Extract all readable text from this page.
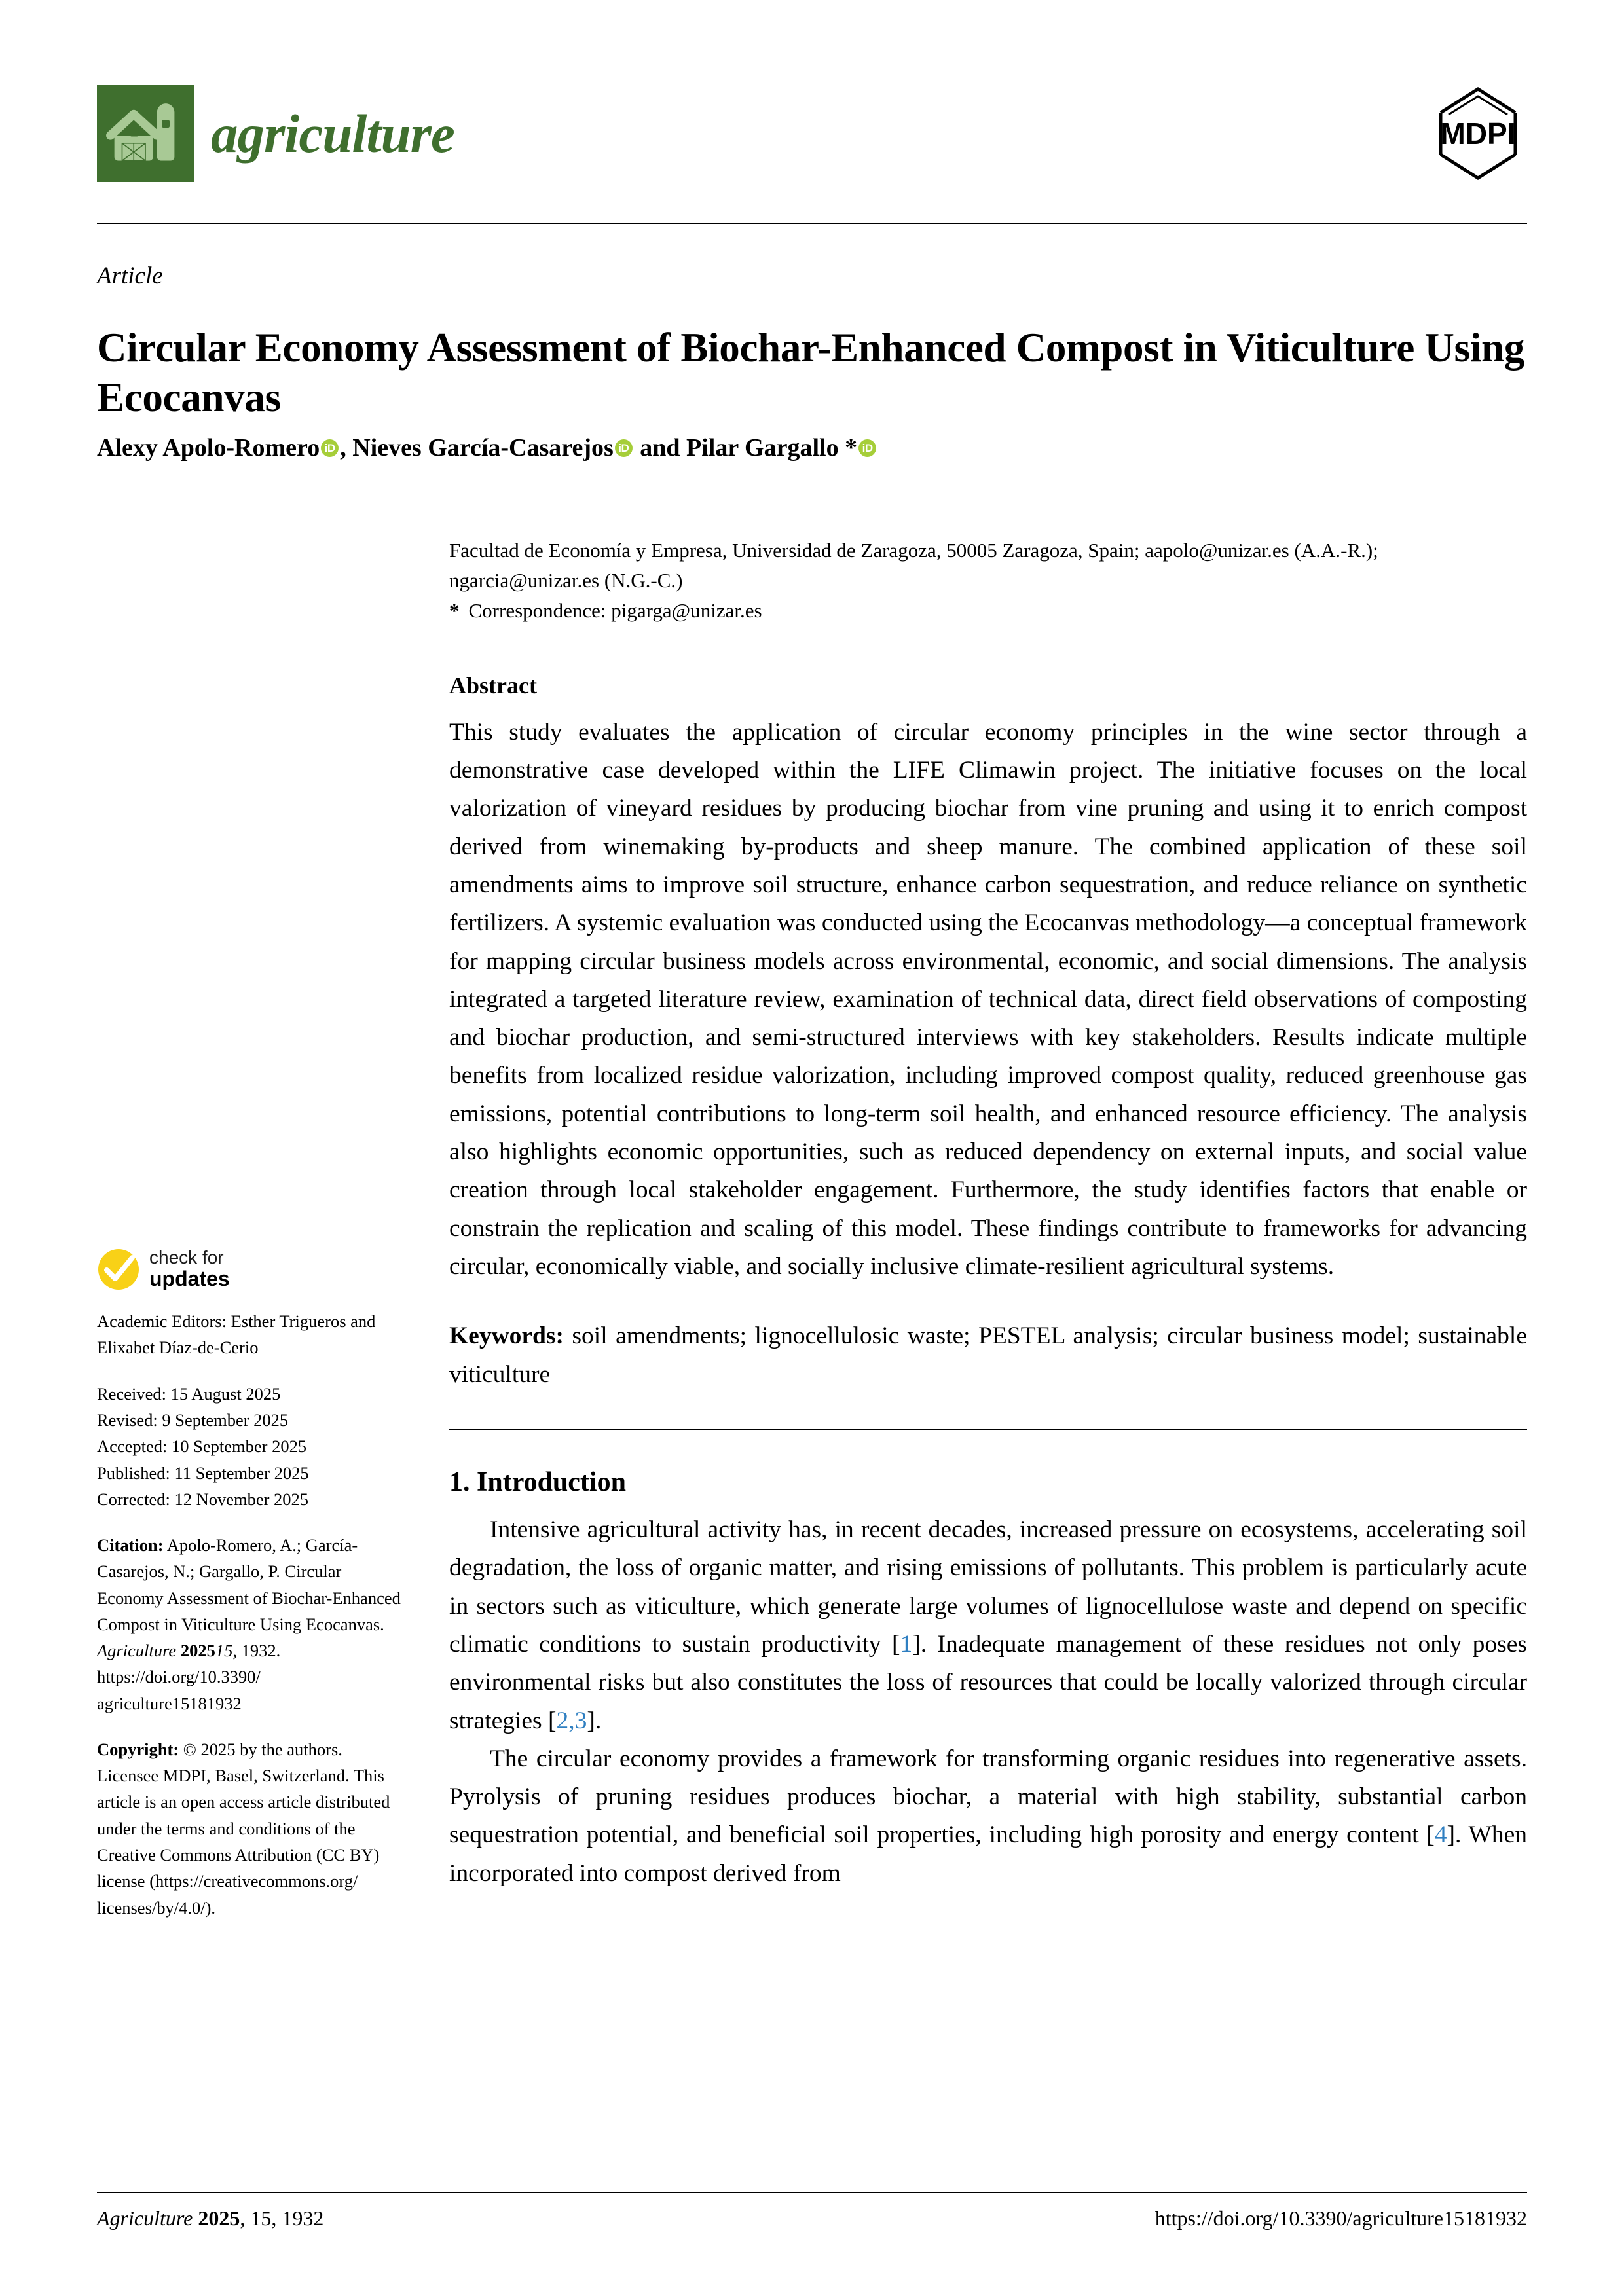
agriculture	MDPI
Article
Circular Economy Assessment of Biochar-Enhanced Compost in Viticulture Using Ecocanvas
Alexy Apolo-Romero iD , Nieves García-Casarejos iD and Pilar Gargallo * iD
Facultad de Economía y Empresa, Universidad de Zaragoza, 50005 Zaragoza, Spain; aapolo@unizar.es (A.A.-R.); ngarcia@unizar.es (N.G.-C.)
* Correspondence: pigarga@unizar.es
Abstract
This study evaluates the application of circular economy principles in the wine sector through a demonstrative case developed within the LIFE Climawin project. The initiative focuses on the local valorization of vineyard residues by producing biochar from vine pruning and using it to enrich compost derived from winemaking by-products and sheep manure. The combined application of these soil amendments aims to improve soil structure, enhance carbon sequestration, and reduce reliance on synthetic fertilizers. A systemic evaluation was conducted using the Ecocanvas methodology—a conceptual framework for mapping circular business models across environmental, economic, and social dimensions. The analysis integrated a targeted literature review, examination of technical data, direct field observations of composting and biochar production, and semi-structured interviews with key stakeholders. Results indicate multiple benefits from localized residue valorization, including improved compost quality, reduced greenhouse gas emissions, potential contributions to long-term soil health, and enhanced resource efficiency. The analysis also highlights economic opportunities, such as reduced dependency on external inputs, and social value creation through local stakeholder engagement. Furthermore, the study identifies factors that enable or constrain the replication and scaling of this model. These findings contribute to frameworks for advancing circular, economically viable, and socially inclusive climate-resilient agricultural systems.
Keywords: soil amendments; lignocellulosic waste; PESTEL analysis; circular business model; sustainable viticulture
1. Introduction

Intensive agricultural activity has, in recent decades, increased pressure on ecosystems, accelerating soil degradation, the loss of organic matter, and rising emissions of pollutants. This problem is particularly acute in sectors such as viticulture, which generate large volumes of lignocellulose waste and depend on specific climatic conditions to sustain productivity [1]. Inadequate management of these residues not only poses environmental risks but also constitutes the loss of resources that could be locally valorized through circular strategies [2,3].

The circular economy provides a framework for transforming organic residues into regenerative assets. Pyrolysis of pruning residues produces biochar, a material with high stability, substantial carbon sequestration potential, and beneficial soil properties, including high porosity and energy content [4]. When incorporated into compost derived from

check for
updates

Academic Editors: Esther Trigueros and Elixabet Díaz-de-Cerio

Received: 15 August 2025

Revised: 9 September 2025

Accepted: 10 September 2025

Published: 11 September 2025

Corrected: 12 November 2025

Citation: Apolo-Romero, A.; García-Casarejos, N.; Gargallo, P. Circular Economy Assessment of Biochar-Enhanced Compost in Viticulture Using Ecocanvas. Agriculture 202515, 1932.

https://doi.org/10.3390/

agriculture15181932

Copyright: © 2025 by the authors. Licensee MDPI, Basel, Switzerland. This article is an open access article distributed under the terms and conditions of the Creative Commons Attribution (CC BY) license (https://creativecommons.org/ licenses/by/4.0/).

Agriculture 2025, 15, 1932	https://doi.org/10.3390/agriculture15181932
